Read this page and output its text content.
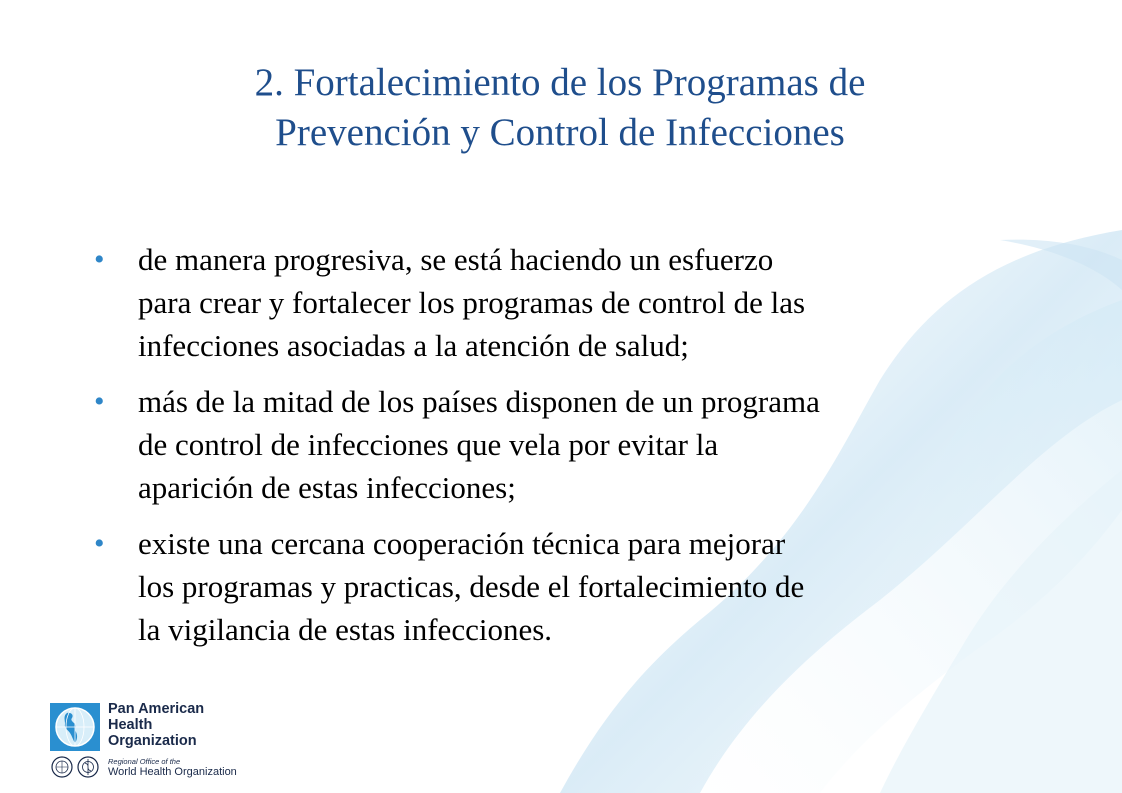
2. Fortalecimiento de los Programas de
Prevención y Control de Infecciones
• de manera progresiva, se está haciendo un esfuerzo
para crear y fortalecer los programas de control de las
infecciones asociadas a la atención de salud;
• más de la mitad de los países disponen de un programa
de control de infecciones que vela por evitar la
aparición de estas infecciones;
• existe una cercana cooperación técnica para mejorar
los programas y practicas, desde el fortalecimiento de
la vigilancia de estas infecciones.
Pan American
Health
Organization
Regional Office of the
World Health Organization
